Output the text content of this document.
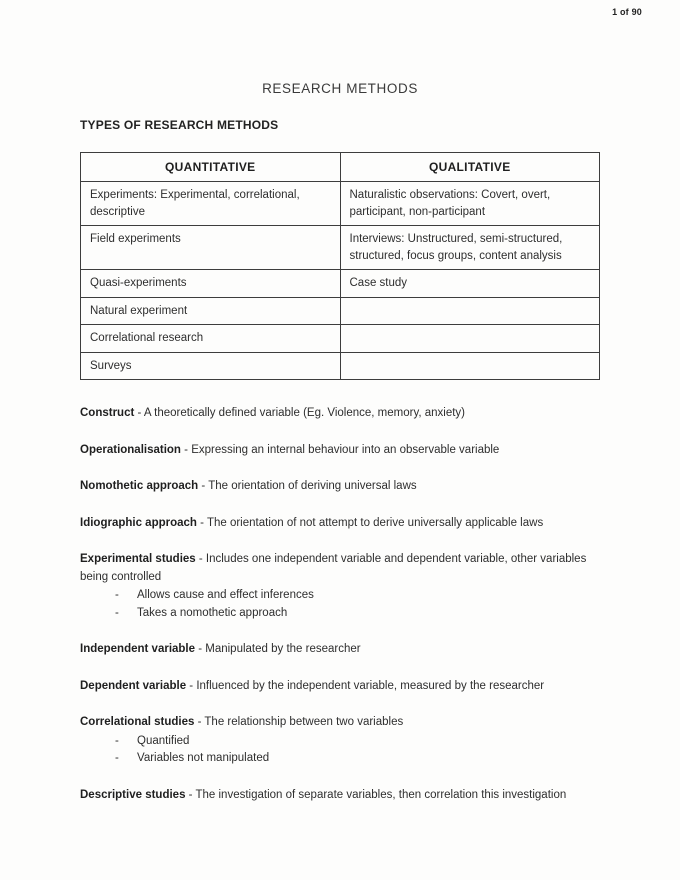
1 of 90
RESEARCH METHODS
TYPES OF RESEARCH METHODS
QUANTITATIVE	QUALITATIVE
Experiments: Experimental, correlational, descriptive	Naturalistic observations: Covert, overt, participant, non-participant
Field experiments	Interviews: Unstructured, semi-structured, structured, focus groups, content analysis
Quasi-experiments	Case study
Natural experiment	
Correlational research	
Surveys	

Construct - A theoretically defined variable (Eg. Violence, memory, anxiety)

Operationalisation - Expressing an internal behaviour into an observable variable

Nomothetic approach - The orientation of deriving universal laws

Idiographic approach - The orientation of not attempt to derive universally applicable laws

Experimental studies - Includes one independent variable and dependent variable, other variables being controlled

- Allows cause and effect inferences
- Takes a nomothetic approach

Independent variable - Manipulated by the researcher

Dependent variable - Influenced by the independent variable, measured by the researcher

Correlational studies - The relationship between two variables

- Quantified
- Variables not manipulated

Descriptive studies - The investigation of separate variables, then correlation this investigation
